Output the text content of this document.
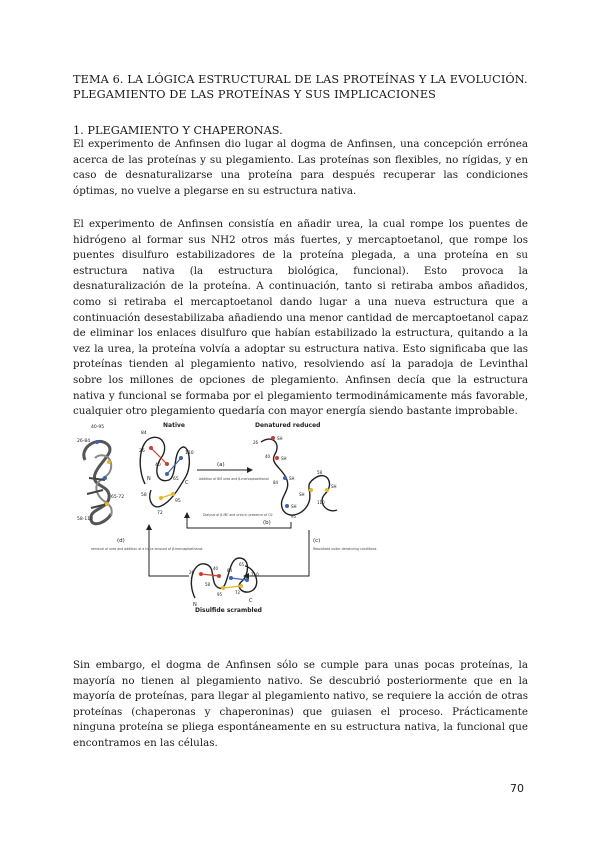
TEMA 6. LA LÓGICA ESTRUCTURAL DE LAS PROTEÍNAS Y LA EVOLUCIÓN. PLEGAMIENTO DE LAS PROTEÍNAS Y SUS IMPLICACIONES
1. PLEGAMIENTO Y CHAPERONAS.

El experimento de Anfinsen dio lugar al dogma de Anfinsen, una concepción errónea acerca de las proteínas y su plegamiento. Las proteínas son flexibles, no rígidas, y en caso de desnaturalizarse una proteína para después recuperar las condiciones óptimas, no vuelve a plegarse en su estructura nativa.

El experimento de Anfinsen consistía en añadir urea, la cual rompe los puentes de hidrógeno al formar sus NH2 otros más fuertes, y mercaptoetanol, que rompe los puentes disulfuro estabilizadores de la proteína plegada, a una proteína en su estructura nativa (la estructura biológica, funcional). Esto provoca la desnaturalización de la proteína. A continuación, tanto si retiraba ambos añadidos, como si retiraba el mercaptoetanol dando lugar a una nueva estructura que a continuación desestabilizaba añadiendo una menor cantidad de mercaptoetanol capaz de eliminar los enlaces disulfuro que habían estabilizado la estructura, quitando a la vez la urea, la proteína volvía a adoptar su estructura nativa. Esto significaba que las proteínas tienden al plegamiento nativo, resolviendo así la paradoja de Levinthal sobre los millones de opciones de plegamiento. Anfinsen decía que la estructura nativa y funcional se formaba por el plegamiento termodinámicamente más favorable, cualquier otro plegamiento quedaría con mayor energía siendo bastante improbable.

26-84
65-72
40-95
58-110
Native
84
95
72
58
110
40
65
26
N
C
(a)
Addition of 8M urea and β-mercaptoethanol
Denatured reduced
SH
SH
SH
SH
SH
SH
95
26
40
84
110
58
(b)
Dialysis of β-ME and urea in presence of O2
(c)
Reoxidized under denaturing conditions
(d)
removal of urea and addition of a trace amount of β-mercaptoethanol
26
40 84
110
95	72
65
58
N
C
Disulfide scrambled

Sin embargo, el dogma de Anfinsen sólo se cumple para unas pocas proteínas, la mayoría no tienen al plegamiento nativo. Se descubrió posteriormente que en la mayoría de proteínas, para llegar al plegamiento nativo, se requiere la acción de otras proteínas (chaperonas y chaperoninas) que guiasen el proceso. Prácticamente ninguna proteína se pliega espontáneamente en su estructura nativa, la funcional que encontramos en las células.

70
